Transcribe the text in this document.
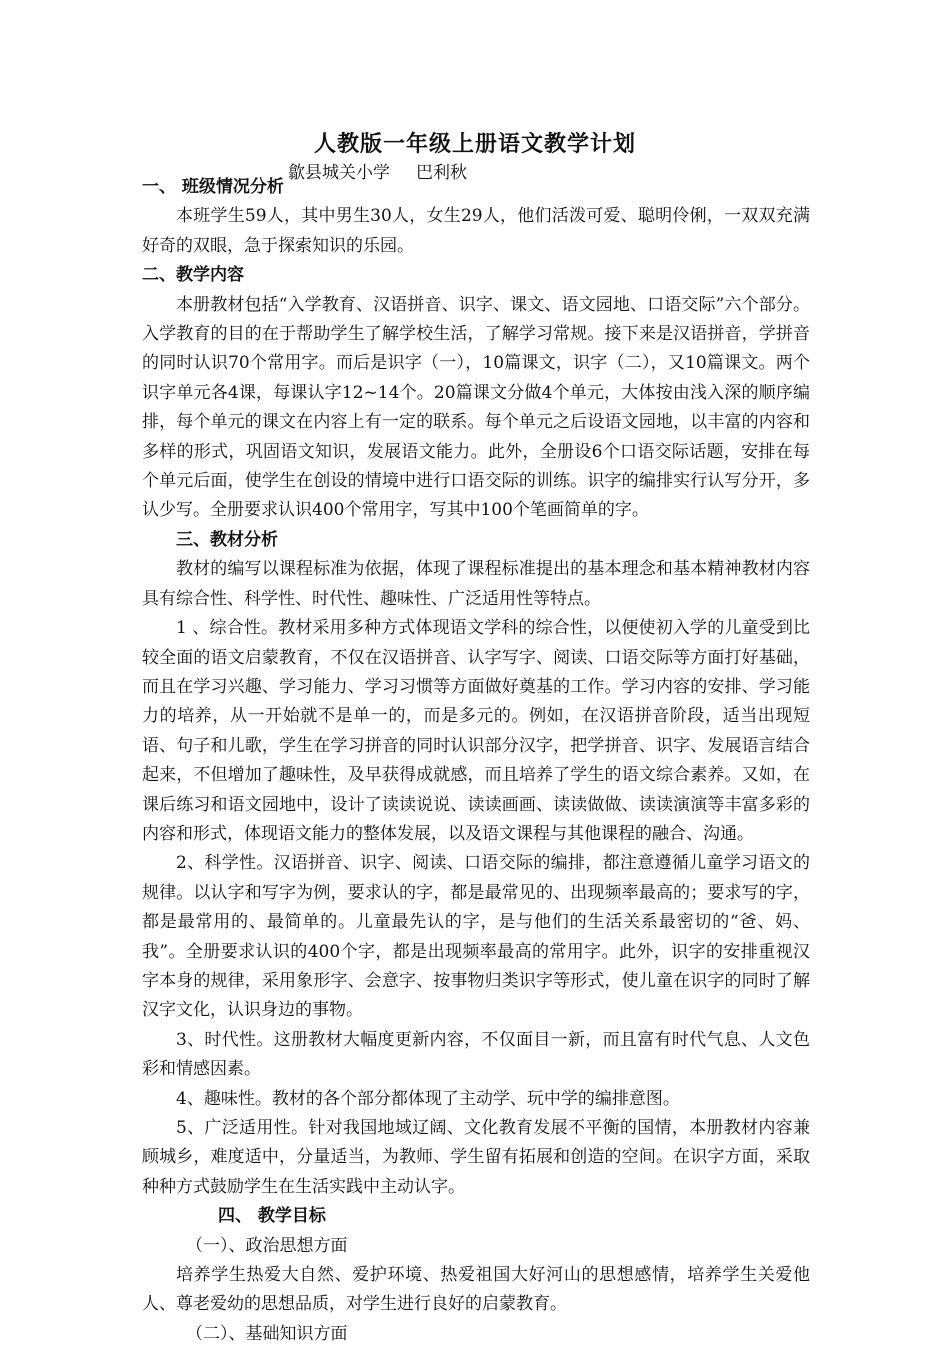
人教版一年级上册语文教学计划
歙县城关小学 巴利秋
一、 班级情况分析
本班学生59人，其中男生30人，女生29人，他们活泼可爱、聪明伶俐，一双双充满好奇的双眼，急于探索知识的乐园。
二、教学内容
本册教材包括“入学教育、汉语拼音、识字、课文、语文园地、口语交际”六个部分。入学教育的目的在于帮助学生了解学校生活，了解学习常规。接下来是汉语拼音，学拼音的同时认识70个常用字。而后是识字（一），10篇课文，识字（二），又10篇课文。两个识字单元各4课，每课认字12~14个。20篇课文分做4个单元，大体按由浅入深的顺序编排，每个单元的课文在内容上有一定的联系。每个单元之后设语文园地，以丰富的内容和多样的形式，巩固语文知识，发展语文能力。此外，全册设6个口语交际话题，安排在每个单元后面，使学生在创设的情境中进行口语交际的训练。识字的编排实行认写分开，多认少写。全册要求认识400个常用字，写其中100个笔画简单的字。
三、教材分析
教材的编写以课程标准为依据，体现了课程标准提出的基本理念和基本精神教材内容具有综合性、科学性、时代性、趣味性、广泛适用性等特点。
1 、综合性。教材采用多种方式体现语文学科的综合性，以便使初入学的儿童受到比较全面的语文启蒙教育，不仅在汉语拼音、认字写字、阅读、口语交际等方面打好基础，而且在学习兴趣、学习能力、学习习惯等方面做好奠基的工作。学习内容的安排、学习能力的培养，从一开始就不是单一的，而是多元的。例如，在汉语拼音阶段，适当出现短语、句子和儿歌，学生在学习拼音的同时认识部分汉字，把学拼音、识字、发展语言结合起来，不但增加了趣味性，及早获得成就感，而且培养了学生的语文综合素养。又如，在课后练习和语文园地中，设计了读读说说、读读画画、读读做做、读读演演等丰富多彩的内容和形式，体现语文能力的整体发展，以及语文课程与其他课程的融合、沟通。
2、科学性。汉语拼音、识字、阅读、口语交际的编排，都注意遵循儿童学习语文的规律。以认字和写字为例，要求认的字，都是最常见的、出现频率最高的；要求写的字，都是最常用的、最简单的。儿童最先认的字，是与他们的生活关系最密切的“爸、妈、我”。全册要求认识的400个字，都是出现频率最高的常用字。此外，识字的安排重视汉字本身的规律，采用象形字、会意字、按事物归类识字等形式，使儿童在识字的同时了解汉字文化，认识身边的事物。
3、时代性。这册教材大幅度更新内容，不仅面目一新，而且富有时代气息、人文色彩和情感因素。
4、趣味性。教材的各个部分都体现了主动学、玩中学的编排意图。
5、广泛适用性。针对我国地域辽阔、文化教育发展不平衡的国情，本册教材内容兼顾城乡，难度适中，分量适当，为教师、学生留有拓展和创造的空间。在识字方面，采取种种方式鼓励学生在生活实践中主动认字。
四、 教学目标
（一）、政治思想方面
培养学生热爱大自然、爱护环境、热爱祖国大好河山的思想感情，培养学生关爱他人、尊老爱幼的思想品质，对学生进行良好的启蒙教育。
（二）、基础知识方面
